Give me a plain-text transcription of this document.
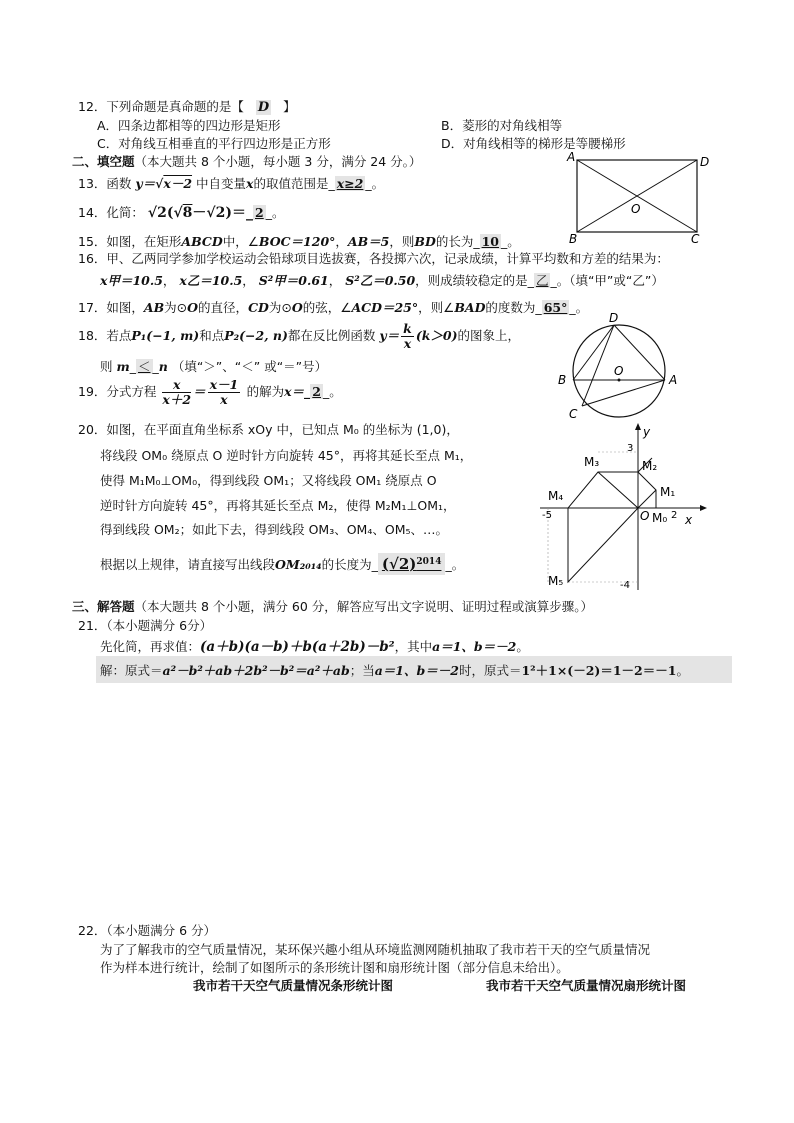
12．下列命题是真命题的是【 D 】
A．四条边都相等的四边形是矩形	B．菱形的对角线相等
C．对角线互相垂直的平行四边形是正方形	D．对角线相等的梯形是等腰梯形
二、填空题（本大题共 8 个小题，每小题 3 分，满分 24 分。）
13．函数 y＝√x－2 中自变量x的取值范围是_ x≥2 _。
14．化简： √2(√8－√2)＝_ 2 _。
15．如图，在矩形ABCD中，∠BOC＝120°，AB＝5，则BD的长为_ 10 _。
A	D
B	C
O
16．甲、乙两同学参加学校运动会铅球项目选拔赛，各投掷六次，记录成绩，计算平均数和方差的结果为：
x甲＝10.5， x乙＝10.5， S²甲＝0.61， S²乙＝0.50，则成绩较稳定的是_ 乙 _。（填“甲”或“乙”）
17．如图，AB为⊙O的直径，CD为⊙O的弦，∠ACD＝25°，则∠BAD的度数为_ 65° _。
18．若点P₁(−1, m)和点P₂(−2, n)都在反比例函数 $y= \frac{k}{x} (k>0)$的图象上，
则 m_ ＜ _n （填“＞”、“＜” 或“＝”号）
D
O
B	A
C
19．分式方程 $\frac{x}{x+2} = \frac{x-1}{x}$ 的解为x＝_ 2 _。
20．如图，在平面直角坐标系 xOy 中，已知点 M₀ 的坐标为 (1,0)，
将线段 OM₀ 绕原点 O 逆时针方向旋转 45°，再将其延长至点 M₁，
使得 M₁M₀⊥OM₀，得到线段 OM₁；又将线段 OM₁ 绕原点 O
逆时针方向旋转 45°，再将其延长至点 M₂，使得 M₂M₁⊥OM₁，
得到线段 OM₂；如此下去，得到线段 OM₃、OM₄、OM₅、…。
根据以上规律，请直接写出线段OM₂₀₁₄的长度为_ $(√2)^{2014}$ _。
y
x
O
3
-5	2
-4
M₀
M₁
M₂
M₃
M₄
M₅
三、解答题（本大题共 8 个小题，满分 60 分，解答应写出文字说明、证明过程或演算步骤。）
21．（本小题满分 6分）
先化简，再求值：(a＋b)(a－b)＋b(a＋2b)－b²，其中a＝1、b＝－2。
解：原式＝a²－b²＋ab＋2b²－b²＝a²＋ab；当a＝1、b＝－2时，原式＝1²＋1×(－2)＝1－2＝－1。
22．（本小题满分 6 分）
为了了解我市的空气质量情况，某环保兴趣小组从环境监测网随机抽取了我市若干天的空气质量情况
作为样本进行统计，绘制了如图所示的条形统计图和扇形统计图（部分信息未给出）。
我市若干天空气质量情况条形统计图	我市若干天空气质量情况扇形统计图
